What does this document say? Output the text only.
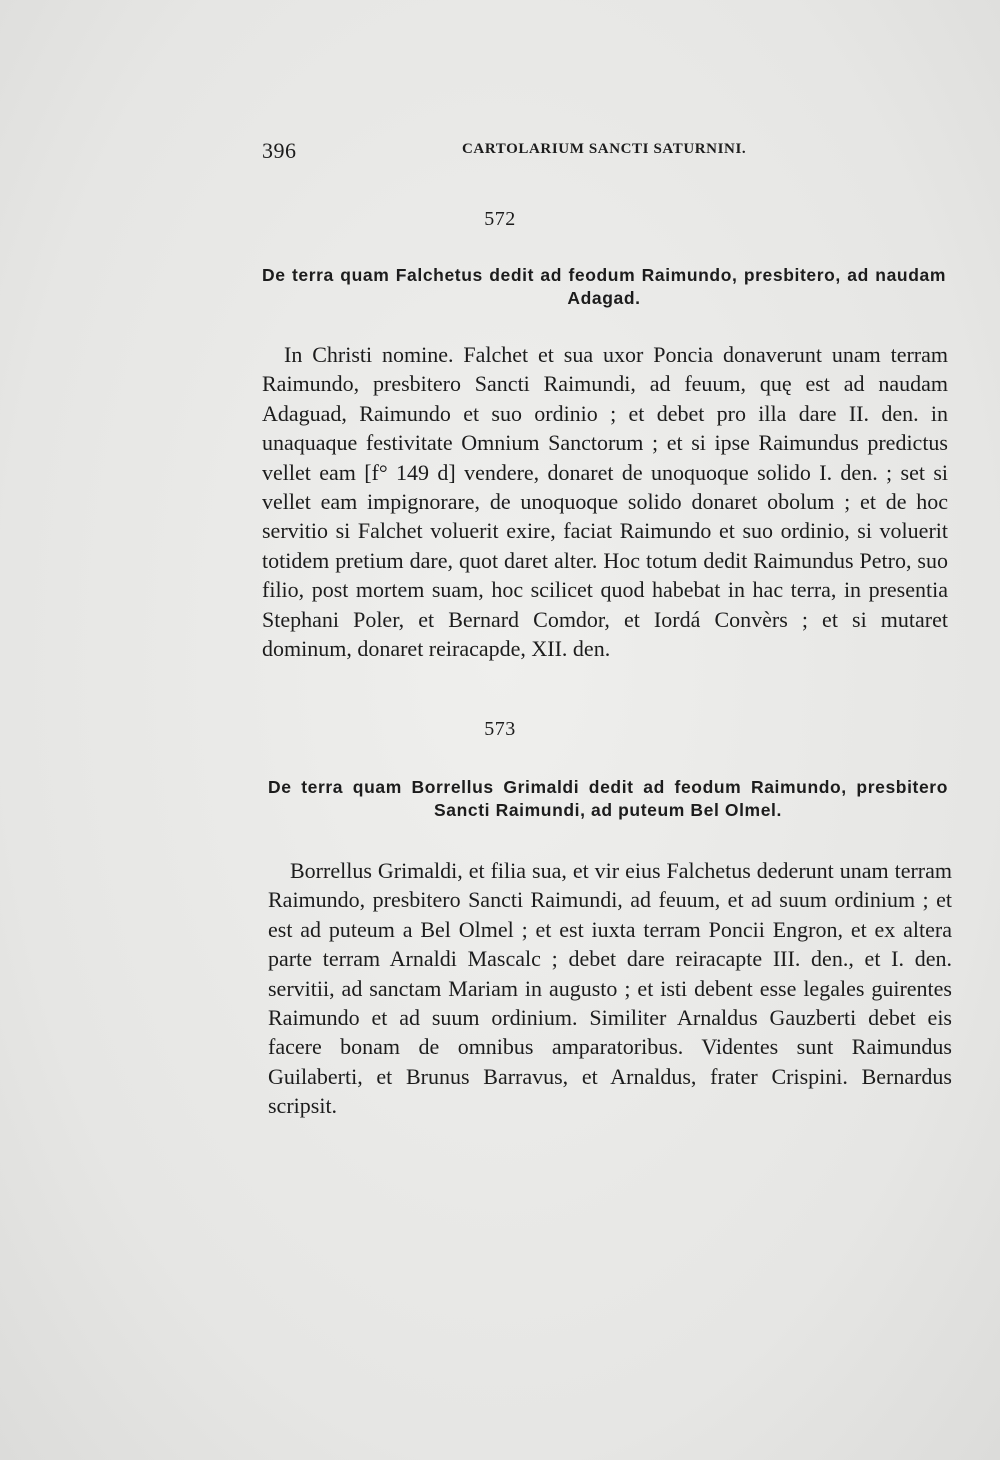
396	CARTOLARIUM SANCTI SATURNINI.
572
De terra quam Falchetus dedit ad feodum Raimundo, presbitero, ad naudam Adagad.
In Christi nomine. Falchet et sua uxor Poncia donaverunt unam terram Raimundo, presbitero Sancti Raimundi, ad feuum, quę est ad naudam Adaguad, Raimundo et suo ordinio ; et debet pro illa dare II. den. in unaquaque festivitate Omnium Sanctorum ; et si ipse Raimundus predictus vellet eam [f° 149 d] vendere, donaret de unoquoque solido I. den. ; set si vellet eam impignorare, de unoquoque solido donaret obolum ; et de hoc servitio si Falchet voluerit exire, faciat Raimundo et suo ordinio, si voluerit totidem pretium dare, quot daret alter. Hoc totum dedit Raimundus Petro, suo filio, post mortem suam, hoc scilicet quod habebat in hac terra, in presentia Stephani Poler, et Bernard Comdor, et Iordá Convèrs ; et si mutaret dominum, donaret reiracapde, XII. den.
573
De terra quam Borrellus Grimaldi dedit ad feodum Raimundo, presbitero Sancti Raimundi, ad puteum Bel Olmel.
Borrellus Grimaldi, et filia sua, et vir eius Falchetus dederunt unam terram Raimundo, presbitero Sancti Raimundi, ad feuum, et ad suum ordinium ; et est ad puteum a Bel Olmel ; et est iuxta terram Poncii Engron, et ex altera parte terram Arnaldi Mascalc ; debet dare reiracapte III. den., et I. den. servitii, ad sanctam Mariam in augusto ; et isti debent esse legales guirentes Raimundo et ad suum ordinium. Similiter Arnaldus Gauzberti debet eis facere bonam de omnibus amparatoribus. Videntes sunt Raimundus Guilaberti, et Brunus Barravus, et Arnaldus, frater Crispini. Bernardus scripsit.
